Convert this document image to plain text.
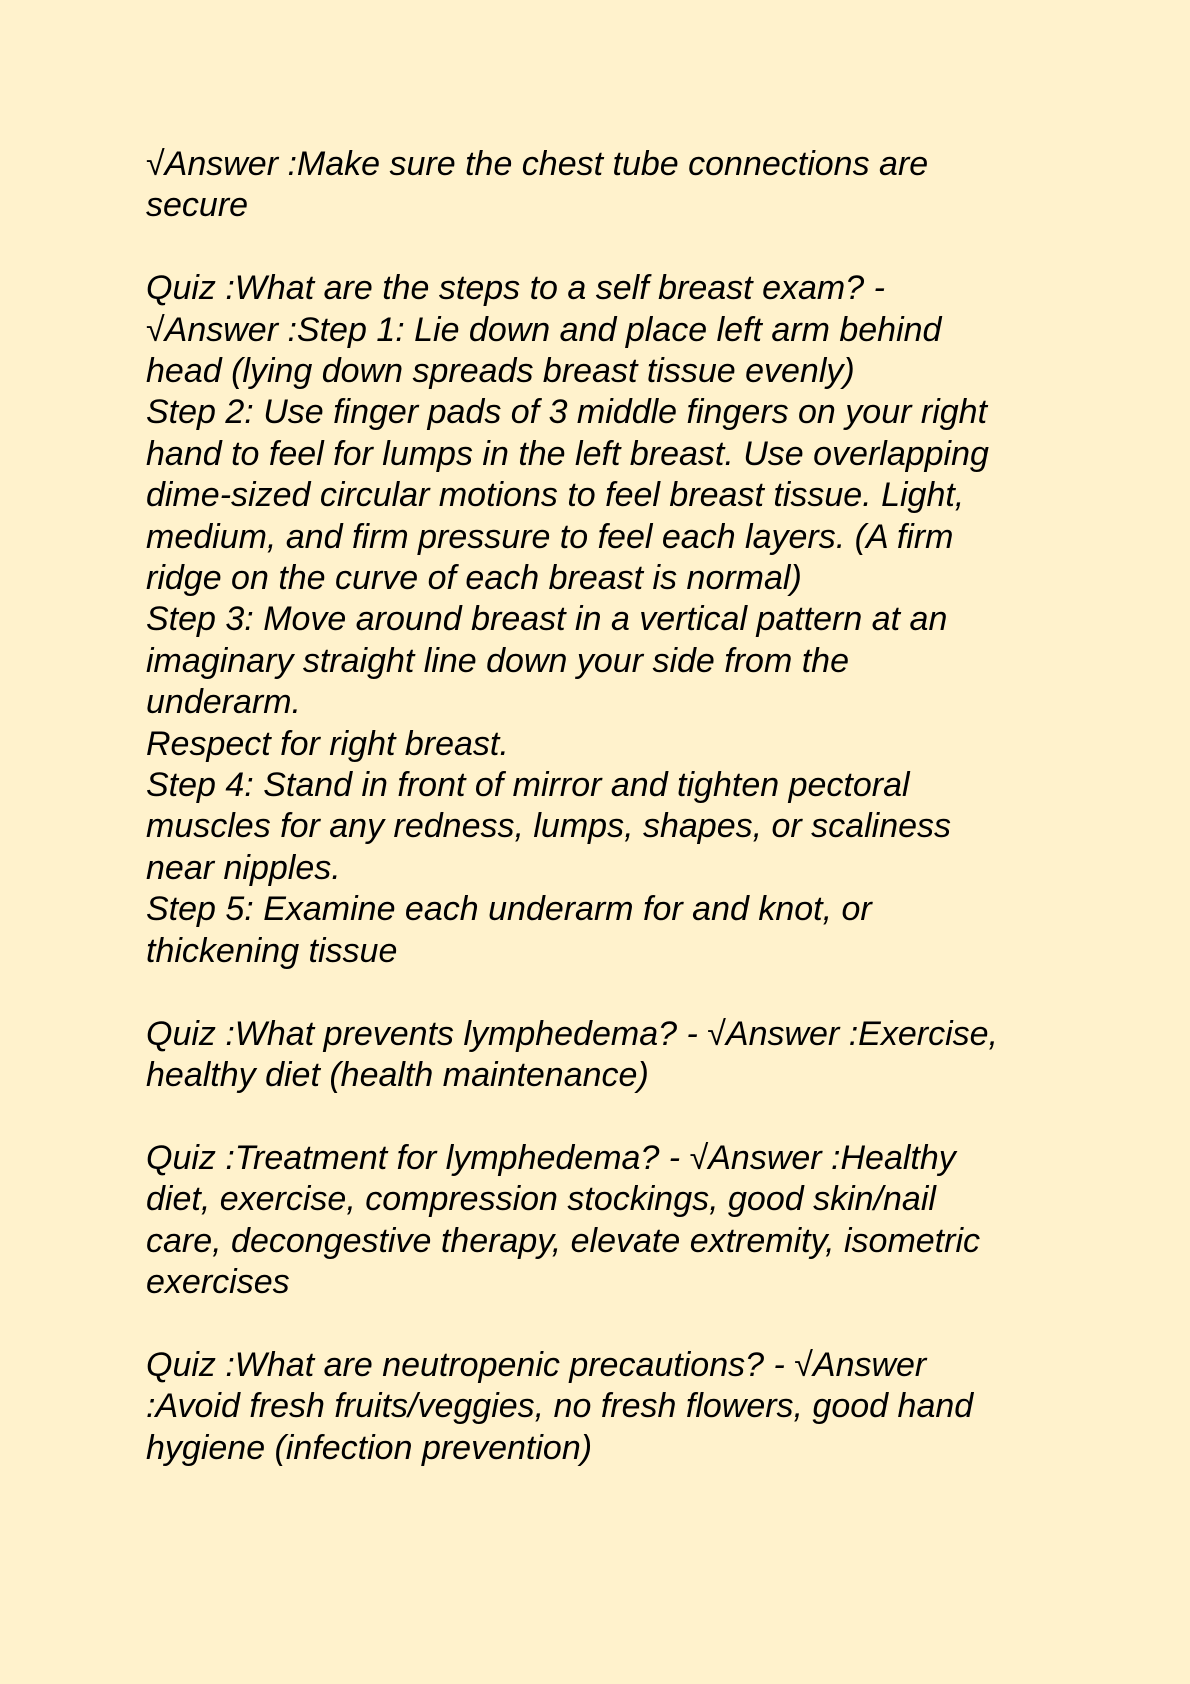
√Answer :Make sure the chest tube connections are
secure
Quiz :What are the steps to a self breast exam? -
√Answer :Step 1: Lie down and place left arm behind
head (lying down spreads breast tissue evenly)
Step 2: Use finger pads of 3 middle fingers on your right
hand to feel for lumps in the left breast. Use overlapping
dime-sized circular motions to feel breast tissue. Light,
medium, and firm pressure to feel each layers. (A firm
ridge on the curve of each breast is normal)
Step 3: Move around breast in a vertical pattern at an
imaginary straight line down your side from the
underarm.
Respect for right breast.
Step 4: Stand in front of mirror and tighten pectoral
muscles for any redness, lumps, shapes, or scaliness
near nipples.
Step 5: Examine each underarm for and knot, or
thickening tissue
Quiz :What prevents lymphedema? - √Answer :Exercise,
healthy diet (health maintenance)
Quiz :Treatment for lymphedema? - √Answer :Healthy
diet, exercise, compression stockings, good skin/nail
care, decongestive therapy, elevate extremity, isometric
exercises
Quiz :What are neutropenic precautions? - √Answer
:Avoid fresh fruits/veggies, no fresh flowers, good hand
hygiene (infection prevention)
